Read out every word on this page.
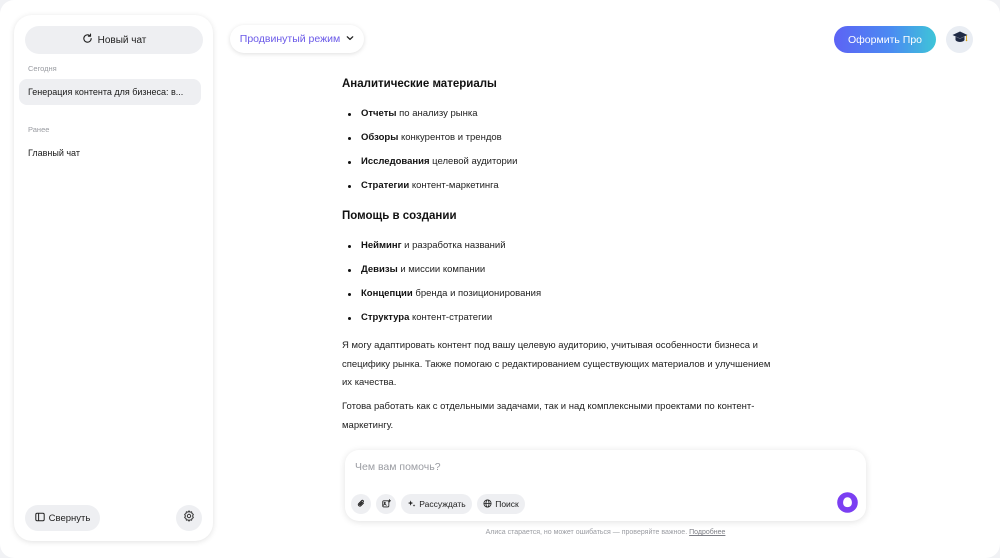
Новый чат
Сегодня
Генерация контента для бизнеса: в...
Ранее
Главный чат
Свернуть
Продвинутый режим	Оформить Про
Аналитические материалы
Отчеты по анализу рынка
Обзоры конкурентов и трендов
Исследования целевой аудитории
Стратегии контент-маркетинга
Помощь в создании
Нейминг и разработка названий
Девизы и миссии компании
Концепции бренда и позиционирования
Структура контент-стратегии
Я могу адаптировать контент под вашу целевую аудиторию, учитывая особенности бизнеса и
специфику рынка. Также помогаю с редактированием существующих материалов и улучшением
их качества.
Готова работать как с отдельными задачами, так и над комплексными проектами по контент-
маркетингу.
Чем вам помочь?
Рассуждать	Поиск
Алиса старается, но может ошибаться — проверяйте важное. Подробнее
